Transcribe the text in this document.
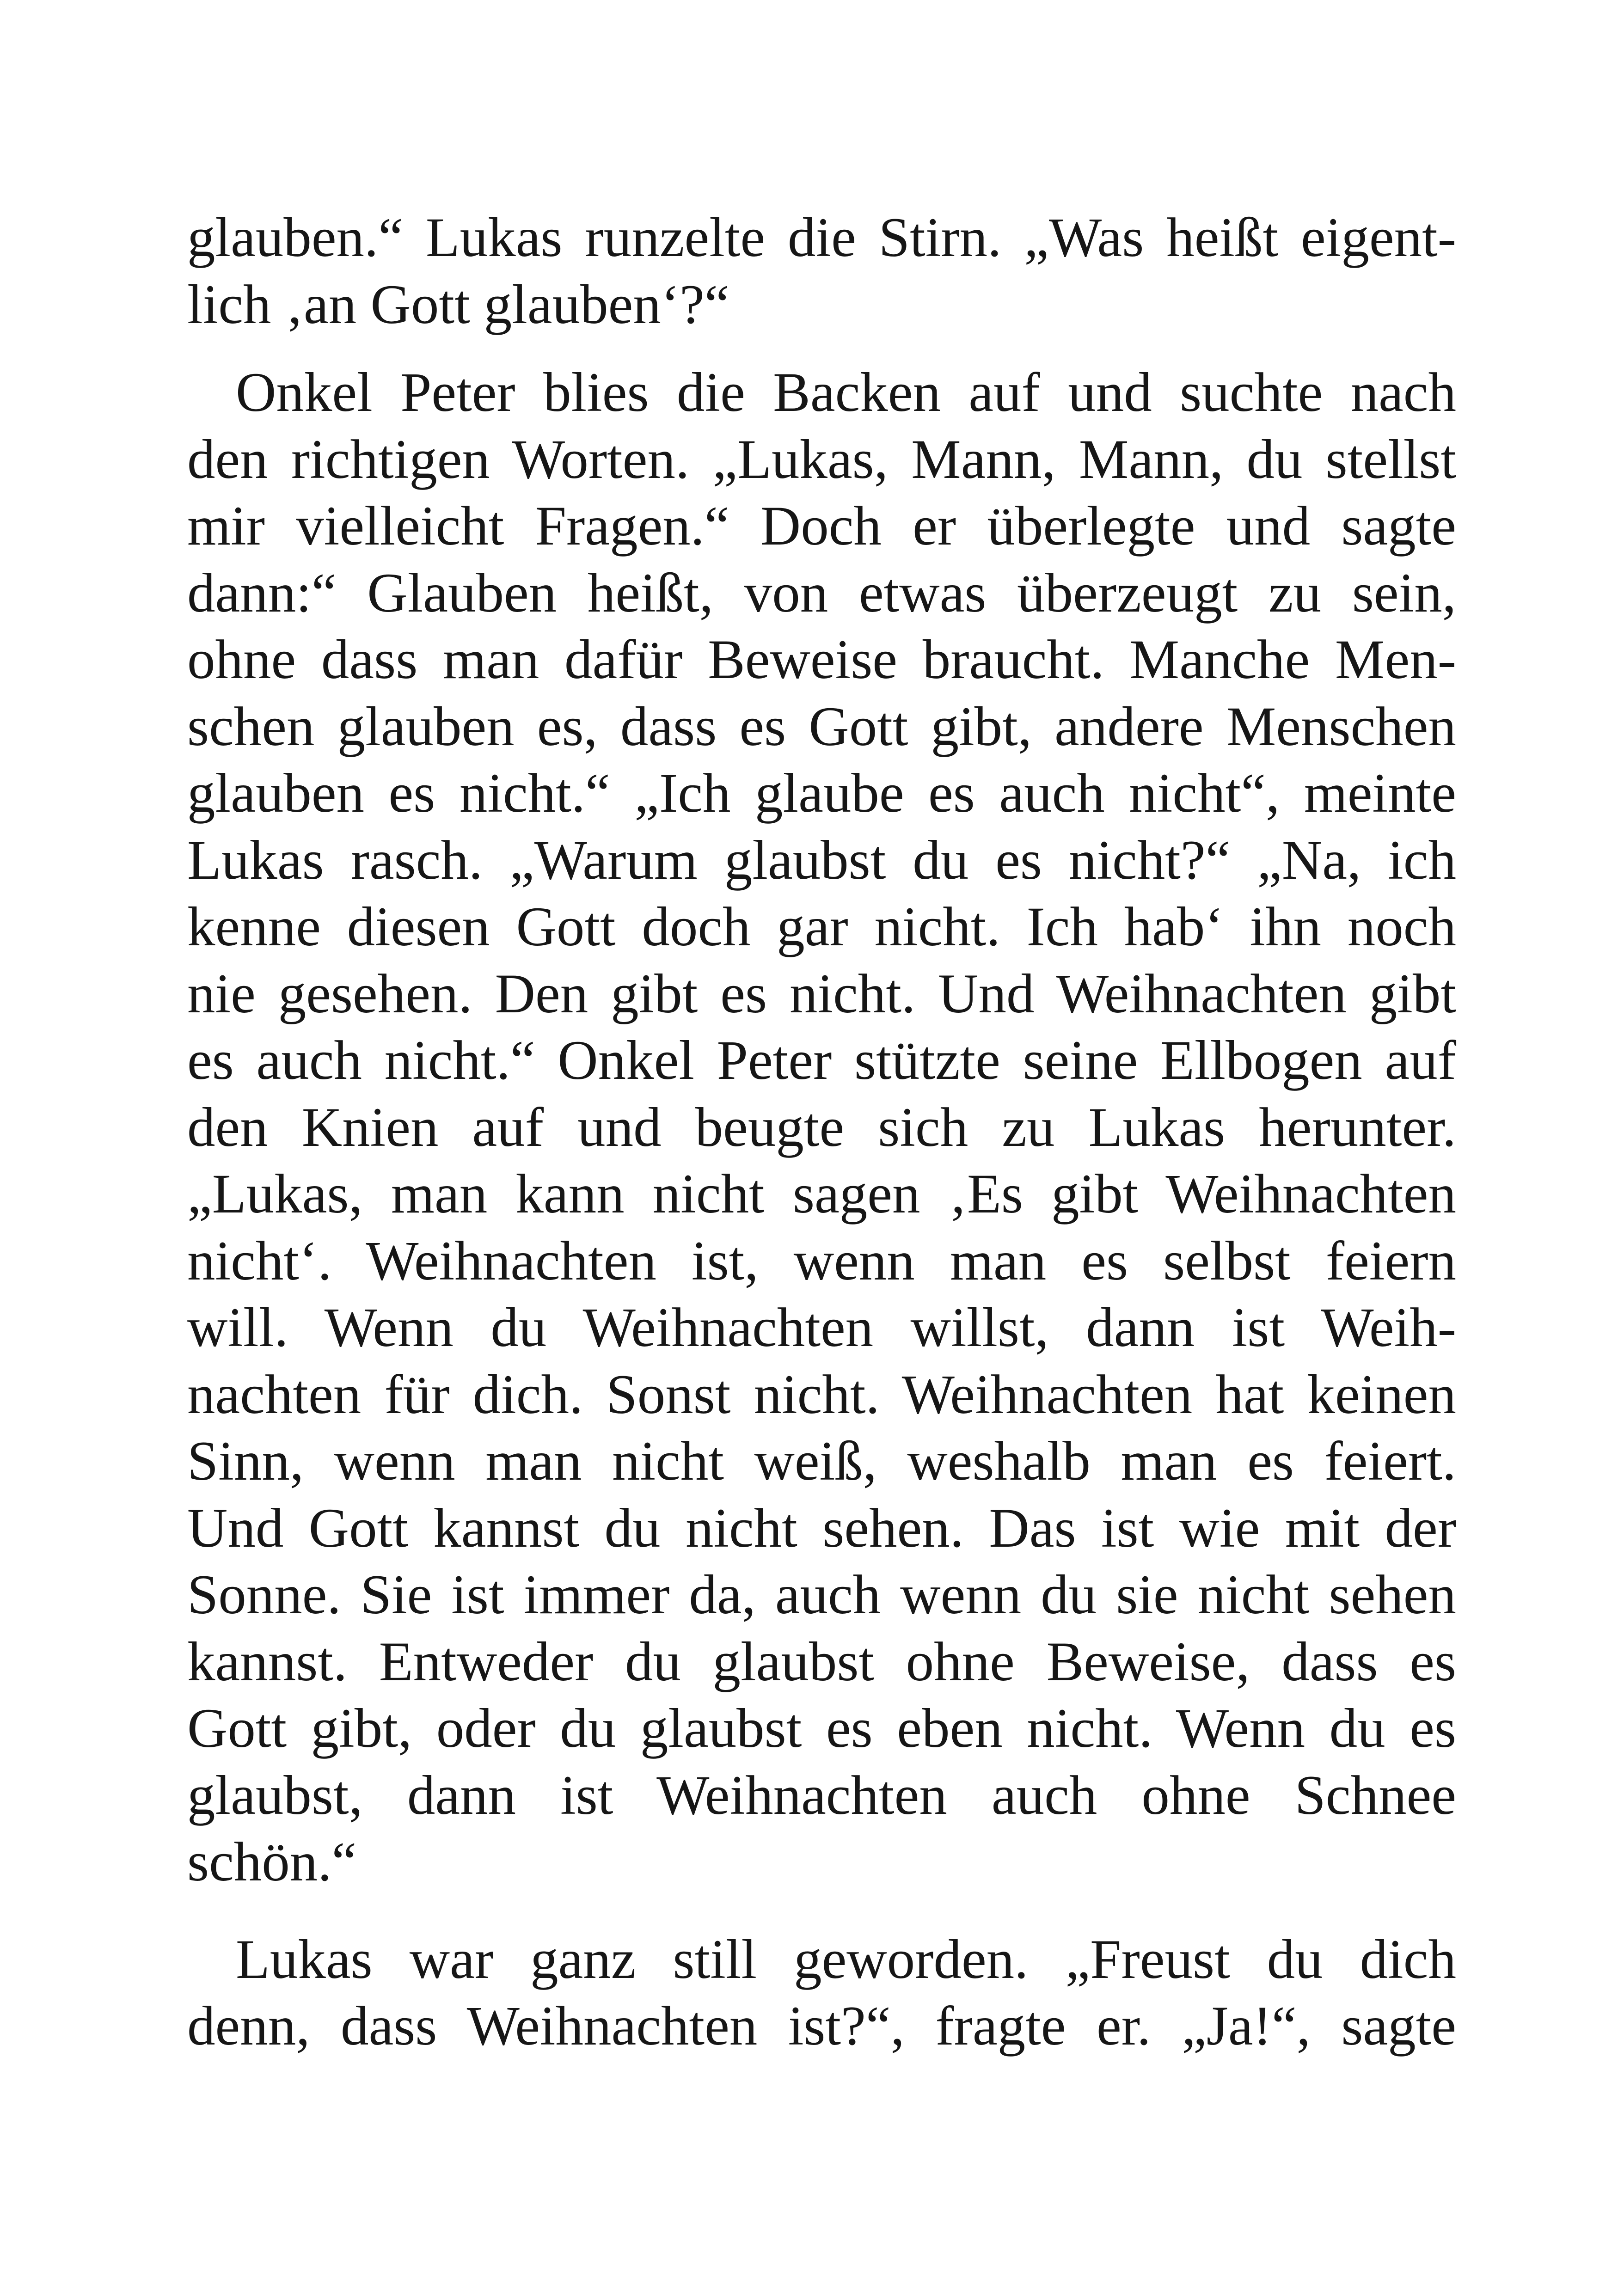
glauben.“ Lukas runzelte die Stirn. „Was heißt eigent-
lich ‚an Gott glauben‘?“
Onkel Peter blies die Backen auf und suchte nach
den richtigen Worten. „Lukas, Mann, Mann, du stellst
mir vielleicht Fragen.“ Doch er überlegte und sagte
dann:“ Glauben heißt, von etwas überzeugt zu sein,
ohne dass man dafür Beweise braucht. Manche Men-
schen glauben es, dass es Gott gibt, andere Menschen
glauben es nicht.“ „Ich glaube es auch nicht“, meinte
Lukas rasch. „Warum glaubst du es nicht?“ „Na, ich
kenne diesen Gott doch gar nicht. Ich hab‘ ihn noch
nie gesehen. Den gibt es nicht. Und Weihnachten gibt
es auch nicht.“ Onkel Peter stützte seine Ellbogen auf
den Knien auf und beugte sich zu Lukas herunter.
„Lukas, man kann nicht sagen ‚Es gibt Weihnachten
nicht‘. Weihnachten ist, wenn man es selbst feiern
will. Wenn du Weihnachten willst, dann ist Weih-
nachten für dich. Sonst nicht. Weihnachten hat keinen
Sinn, wenn man nicht weiß, weshalb man es feiert.
Und Gott kannst du nicht sehen. Das ist wie mit der
Sonne. Sie ist immer da, auch wenn du sie nicht sehen
kannst. Entweder du glaubst ohne Beweise, dass es
Gott gibt, oder du glaubst es eben nicht. Wenn du es
glaubst, dann ist Weihnachten auch ohne Schnee
schön.“
Lukas war ganz still geworden. „Freust du dich
denn, dass Weihnachten ist?“, fragte er. „Ja!“, sagte
